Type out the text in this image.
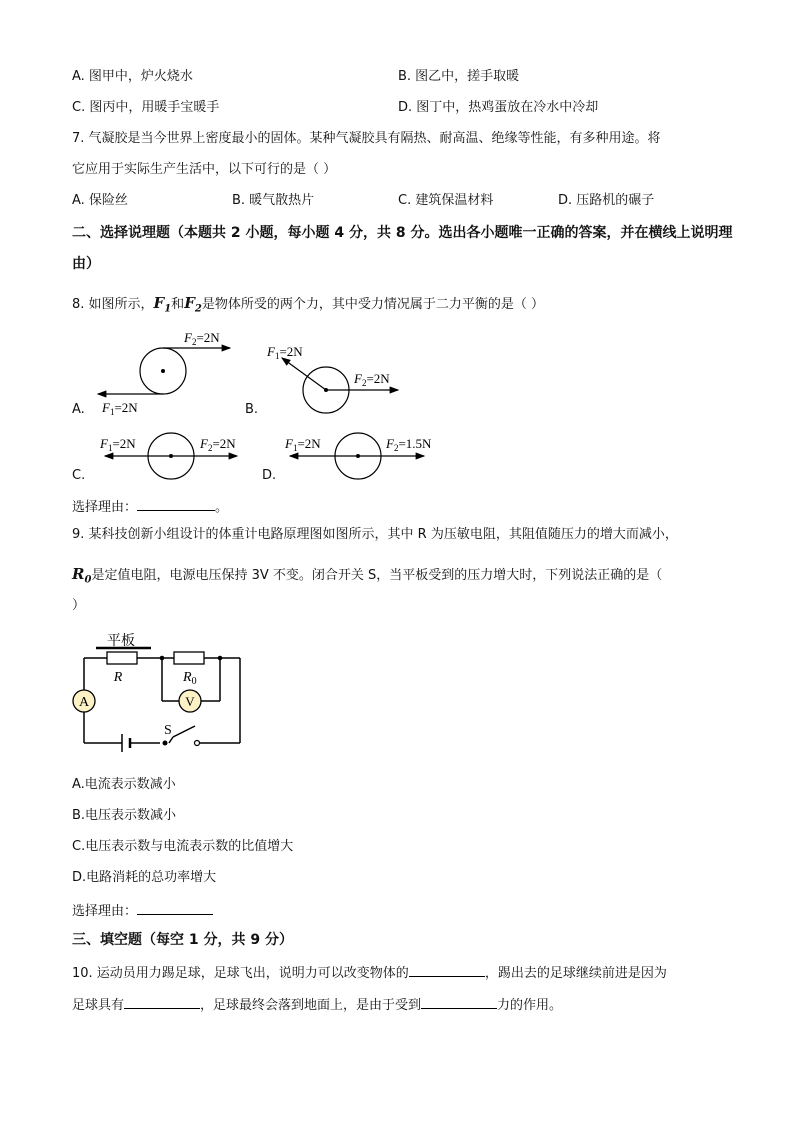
A. 图甲中，炉火烧水	B. 图乙中，搓手取暖
C. 图丙中，用暖手宝暖手	D. 图丁中，热鸡蛋放在冷水中冷却
7. 气凝胶是当今世界上密度最小的固体。某种气凝胶具有隔热、耐高温、绝缘等性能，有多种用途。将
它应用于实际生产生活中，以下可行的是（ ）
A. 保险丝	B. 暖气散热片	C. 建筑保温材料	D. 压路机的碾子
二、选择说理题（本题共 2 小题，每小题 4 分，共 8 分。选出各小题唯一正确的答案，并在横线上说明理
由）
8. 如图所示，$F_1$和$F_2$是物体所受的两个力，其中受力情况属于二力平衡的是（ ）
$F_2=2N$
$F_1=2N$
$F_1=2N$
$F_2=2N$
$F_1=2N$	$F_2=2N$	$F_1=2N$	$F_2=1.5N$
A.	B.
C.	D.
选择理由：	。
9. 某科技创新小组设计的体重计电路原理图如图所示，其中 R 为压敏电阻，其阻值随压力的增大而减小，
$R_0$是定值电阻，电源电压保持 3V 不变。闭合开关 S，当平板受到的压力增大时，下列说法正确的是（
）
A	V
平板
R	$R_0$
S
A.电流表示数减小
B.电压表示数减小
C.电压表示数与电流表示数的比值增大
D.电路消耗的总功率增大
选择理由：
三、填空题（每空 1 分，共 9 分）
10. 运动员用力踢足球，足球飞出，说明力可以改变物体的	，踢出去的足球继续前进是因为
足球具有	，足球最终会落到地面上，是由于受到	力的作用。
